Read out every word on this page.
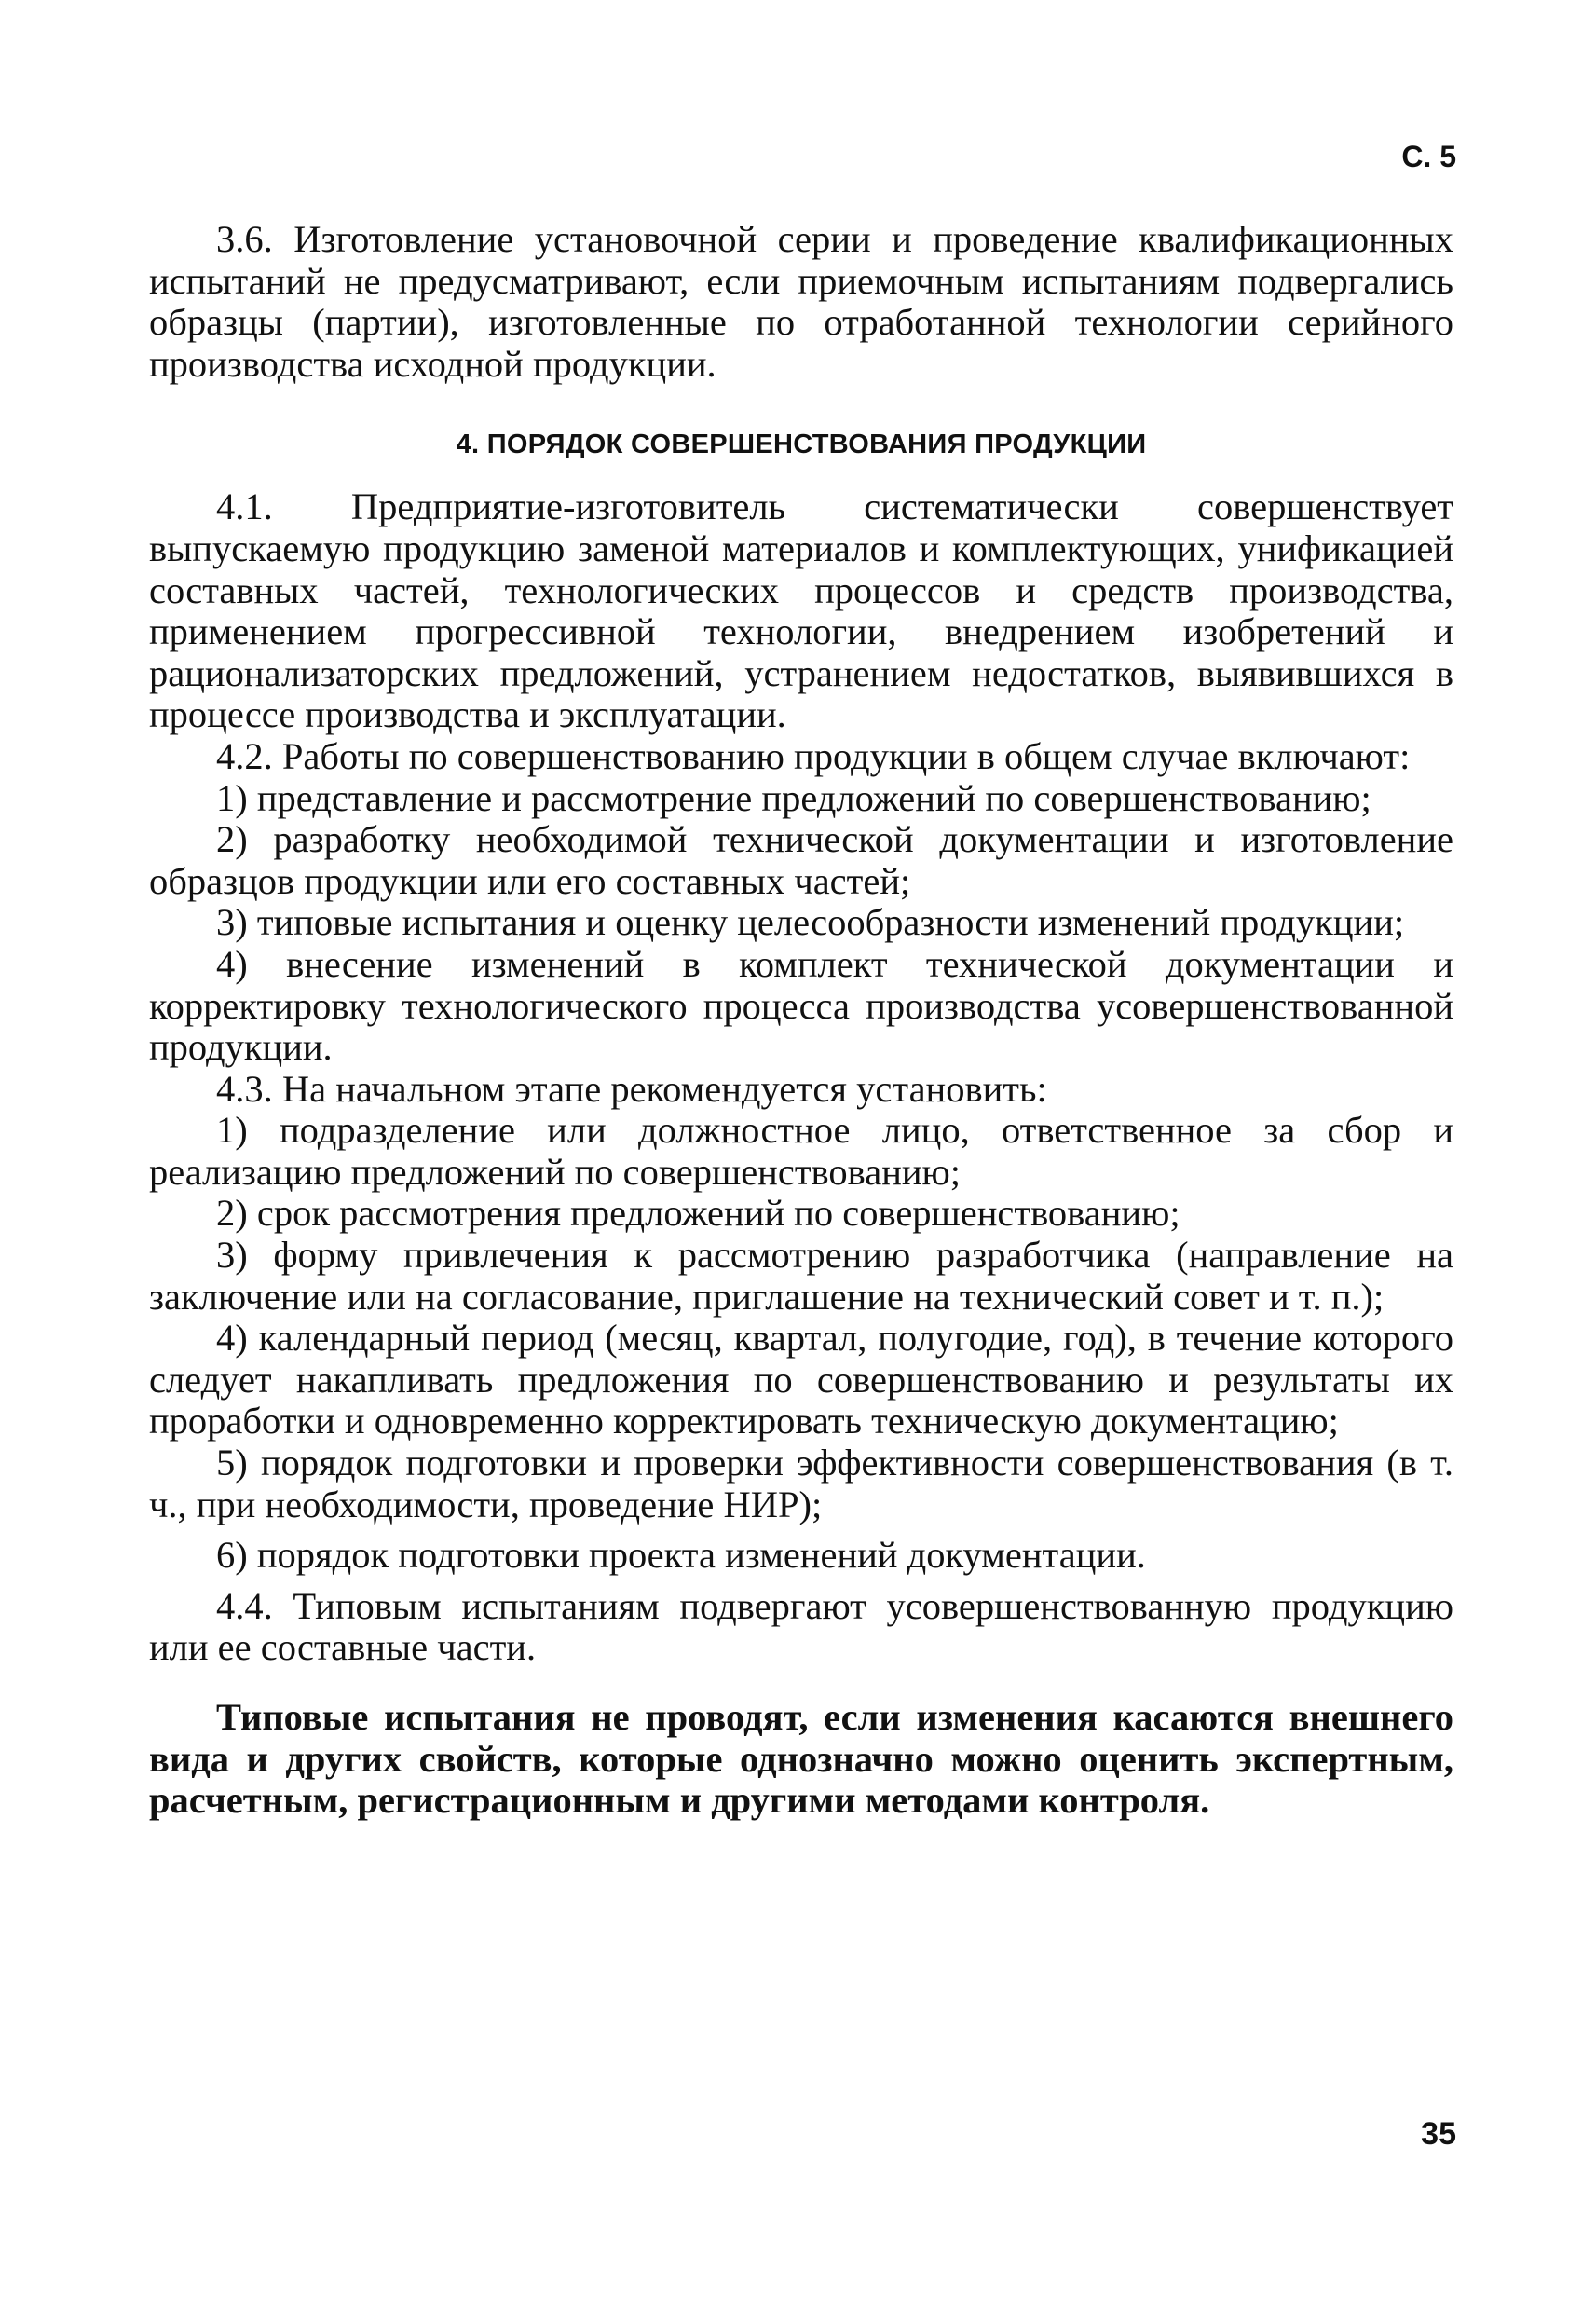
С. 5

3.6. Изготовление установочной серии и проведение квалификационных испытаний не предусматривают, если приемочным испытаниям подвергались образцы (партии), изготовленные по отработанной технологии серийного производства исходной продукции.

4. ПОРЯДОК СОВЕРШЕНСТВОВАНИЯ ПРОДУКЦИИ

4.1. Предприятие-изготовитель систематически совершенствует выпускаемую продукцию заменой материалов и комплектующих, унификацией составных частей, технологических процессов и средств производства, применением прогрессивной технологии, внедрением изобретений и рационализаторских предложений, устранением недостатков, выявившихся в процессе производства и эксплуатации.

4.2. Работы по совершенствованию продукции в общем случае включают:

1) представление и рассмотрение предложений по совершенствованию;

2) разработку необходимой технической документации и изготовление образцов продукции или его составных частей;

3) типовые испытания и оценку целесообразности изменений продукции;

4) внесение изменений в комплект технической документации и корректировку технологического процесса производства усовершенствованной продукции.

4.3. На начальном этапе рекомендуется установить:

1) подразделение или должностное лицо, ответственное за сбор и реализацию предложений по совершенствованию;

2) срок рассмотрения предложений по совершенствованию;

3) форму привлечения к рассмотрению разработчика (направление на заключение или на согласование, приглашение на технический совет и т. п.);

4) календарный период (месяц, квартал, полугодие, год), в течение которого следует накапливать предложения по совершенствованию и результаты их проработки и одновременно корректировать техническую документацию;

5) порядок подготовки и проверки эффективности совершенствования (в т. ч., при необходимости, проведение НИР);

6) порядок подготовки проекта изменений документации.

4.4. Типовым испытаниям подвергают усовершенствованную продукцию или ее составные части.

Типовые испытания не проводят, если изменения касаются внешнего вида и других свойств, которые однозначно можно оценить экспертным, расчетным, регистрационным и другими методами контроля.

35
